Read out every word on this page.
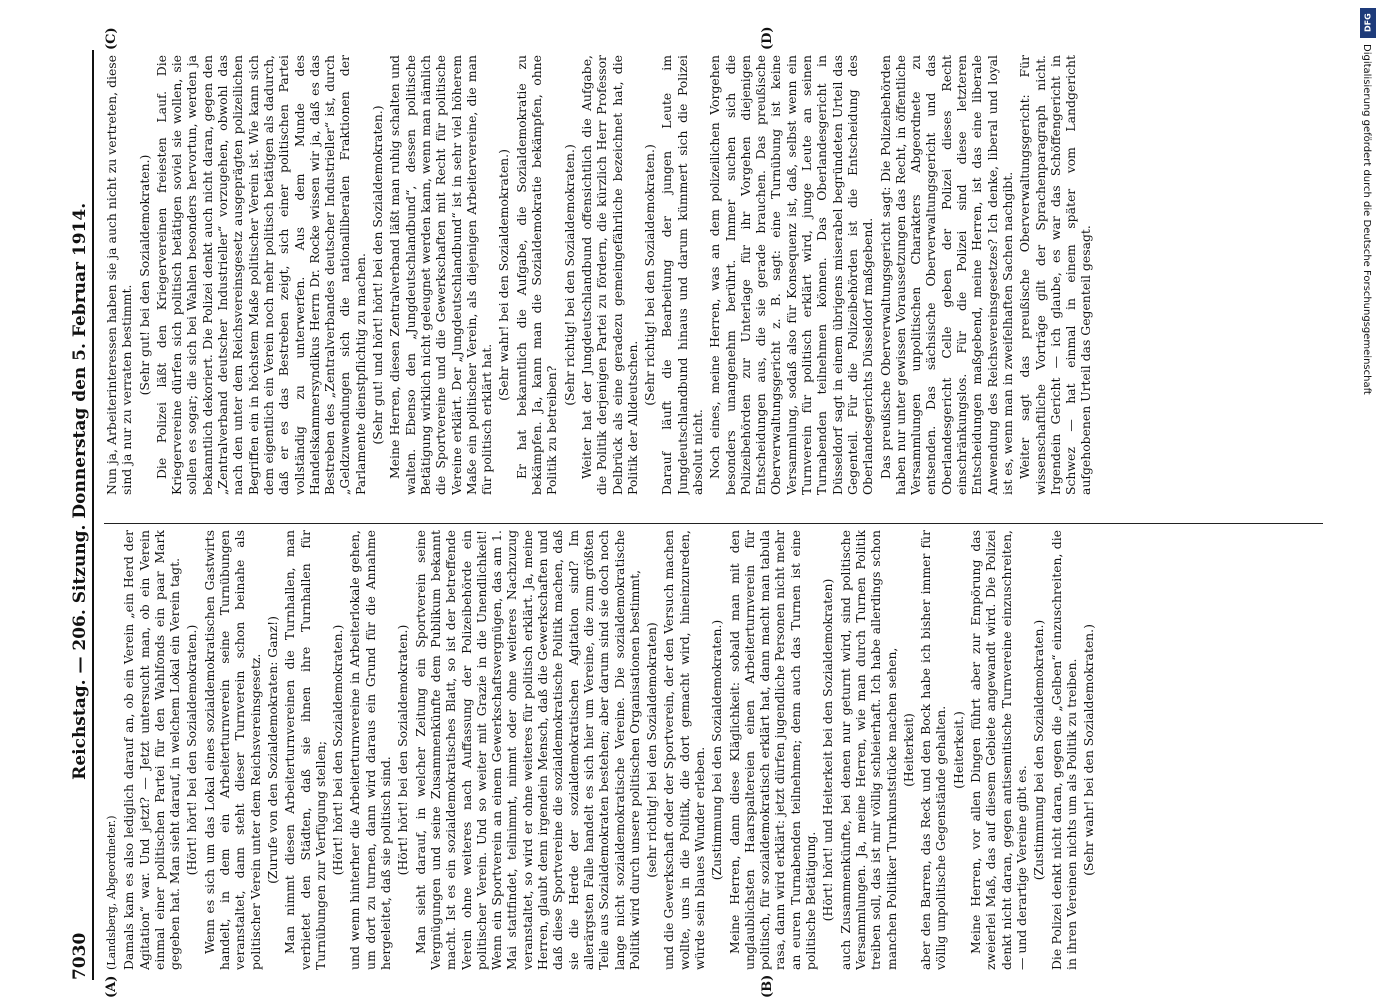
7030
Reichstag. — 206. Sitzung. Donnerstag den 5. Februar 1914.
(A)	(B)
(C)	(D)

(Landsberg, Abgeordneter.) Damals kam es also lediglich darauf an, ob ein Verein „ein Herd der Agitation“ war. Und jetzt? — Jetzt untersucht man, ob ein Verein einmal einer politischen Partei für den Wahlfonds ein paar Mark gegeben hat. Man sieht darauf, in welchem Lokal ein Verein tagt. (Hört! hört! bei den Sozialdemokraten.) Wenn es sich um das Lokal eines sozialdemokratischen Gastwirts handelt, in dem ein Arbeiterturnverein seine Turnübungen veranstaltet, dann steht dieser Turnverein schon beinahe als politischer Verein unter dem Reichsvereinsgesetz. (Zurufe von den Sozialdemokraten: Ganz!) Man nimmt diesen Arbeiterturnvereinen die Turnhallen, man verbietet den Städten, daß sie ihnen ihre Turnhallen für Turnübungen zur Verfügung stellen; (Hört! hört! bei den Sozialdemokraten.) und wenn hinterher die Arbeiterturnvereine in Arbeiterlokale gehen, um dort zu turnen, dann wird daraus ein Grund für die Annahme hergeleitet, daß sie politisch sind. (Hört! hört! bei den Sozialdemokraten.) Man sieht darauf, in welcher Zeitung ein Sportverein seine Vergnügungen und seine Zusammenkünfte dem Publikum bekannt macht. Ist es ein sozialdemokratisches Blatt, so ist der betreffende Verein ohne weiteres nach Auffassung der Polizeibehörde ein politischer Verein. Und so weiter mit Grazie in die Unendlichkeit! Wenn ein Sportverein an einem Gewerkschaftsvergnügen, das am 1. Mai stattfindet, teilnimmt, nimmt oder ohne weiteres Nachzuzug veranstaltet, so wird er ohne weiteres für politisch erklärt. Ja, meine Herren, glaubt denn irgendein Mensch, daß die Gewerkschaften und daß diese Sportvereine die sozialdemokratische Politik machen, daß sie die Herde der sozialdemokratischen Agitation sind? Im allerärgsten Falle handelt es sich hier um Vereine, die zum größten Teile aus Sozialdemokraten bestehen; aber darum sind sie doch noch lange nicht sozialdemokratische Vereine. Die sozialdemokratische Politik wird durch unsere politischen Organisationen bestimmt, (sehr richtig! bei den Sozialdemokraten) und die Gewerkschaft oder der Sportverein, der den Versuch machen wollte, uns in die Politik, die dort gemacht wird, hineinzureden, würde sein blaues Wunder erleben. (Zustimmung bei den Sozialdemokraten.) Meine Herren, dann diese Kläglichkeit: sobald man mit den unglaublichsten Haarspaltereien einen Arbeiterturnverein für politisch, für sozialdemokratisch erklärt hat, dann macht man tabula rasa, dann wird erklärt: jetzt dürfen jugendliche Personen nicht mehr an euren Turnabenden teilnehmen; denn auch das Turnen ist eine politische Betätigung. (Hört! hört! und Heiterkeit bei den Sozialdemokraten) auch Zusammenkünfte, bei denen nur geturnt wird, sind politische Versammlungen. Ja, meine Herren, wie man durch Turnen Politik treiben soll, das ist mir völlig schleierhaft. Ich habe allerdings schon manchen Politiker Turnkunststücke machen sehen, (Heiterkeit) aber den Barren, das Reck und den Bock habe ich bisher immer für völlig unpolitische Gegenstände gehalten. (Heiterkeit.) Meine Herren, vor allen Dingen führt aber zur Empörung das zweierlei Maß, das auf diesem Gebiete angewandt wird. Die Polizei denkt nicht daran, gegen antisemitische Turnvereine einzuschreiten, — und derartige Vereine gibt es. (Zustimmung bei den Sozialdemokraten.) Die Polizei denkt nicht daran, gegen die „Gelben“ einzuschreiten, die in ihren Vereinen nichts um als Politik zu treiben. (Sehr wahr! bei den Sozialdemokraten.)

Nun ja, Arbeiterinteressen haben sie ja auch nicht zu vertreten, diese sind ja nur zu verraten bestimmt. (Sehr gut! bei den Sozialdemokraten.) Die Polizei läßt den Kriegervereinen freiesten Lauf. Die Kriegervereine dürfen sich politisch betätigen soviel sie wollen, sie sollen es sogar; die sich bei Wahlen besonders hervortun, werden ja bekanntlich dekoriert. Die Polizei denkt auch nicht daran, gegen den „Zentralverband deutscher Industrieller“ vorzugehen, obwohl das nach den unter dem Reichsvereinsgesetz ausgeprägten polizeilichen Begriffen ein in höchstem Maße politischer Verein ist. Wie kann sich dem eigentlich ein Verein noch mehr politisch betätigen als dadurch, daß er es das Bestreben zeigt, sich einer politischen Partei vollständig zu unterwerfen. Aus dem Munde des Handelskammersyndikus Herrn Dr. Rocke wissen wir ja, daß es das Bestreben des „Zentralverbandes deutscher Industrieller“ ist, durch „Geldzuwendungen sich die nationalliberalen Fraktionen der Parlamente dienstpflichtig zu machen. (Sehr gut! und hört! hört! bei den Sozialdemokraten.) Meine Herren, diesen Zentralverband läßt man ruhig schalten und walten. Ebenso den „Jungdeutschlandbund“, dessen politische Betätigung wirklich nicht geleugnet werden kann, wenn man nämlich die Sportvereine und die Gewerkschaften mit Recht für politische Vereine erklärt. Der „Jungdeutschlandbund“ ist in sehr viel höherem Maße ein politischer Verein, als diejenigen Arbeitervereine, die man für politisch erklärt hat.

(Sehr wahr! bei den Sozialdemokraten.) Er hat bekanntlich die Aufgabe, die Sozialdemokratie zu bekämpfen. Ja, kann man die Sozialdemokratie bekämpfen, ohne Politik zu betreiben?

(Sehr richtig! bei den Sozialdemokraten.) Weiter hat der Jungdeutschlandbund offensichtlich die Aufgabe, die Politik derjenigen Partei zu fördern, die kürzlich Herr Professor Delbrück als eine geradezu gemeingefährliche bezeichnet hat, die Politik der Alldeutschen.

(Sehr richtig! bei den Sozialdemokraten.) Darauf läuft die Bearbeitung der jungen Leute im Jungdeutschlandbund hinaus und darum kümmert sich die Polizei absolut nicht. Noch eines, meine Herren, was an dem polizeilichen Vorgehen besonders unangenehm berührt. Immer suchen sich die Polizeibehörden zur Unterlage für ihr Vorgehen diejenigen Entscheidungen aus, die sie gerade brauchen. Das preußische Oberverwaltungsgericht z. B. sagt: eine Turnübung ist keine Versammlung, sodaß also für Konsequenz ist, daß, selbst wenn ein Turnverein für politisch erklärt wird, junge Leute an seinen Turnabenden teilnehmen können. Das Oberlandesgericht in Düsseldorf sagt in einem übrigens miserabel begründeten Urteil das Gegenteil. Für die Polizeibehörden ist die Entscheidung des Oberlandesgerichts Düsseldorf maßgebend. Das preußische Oberverwaltungsgericht sagt: Die Polizeibehörden haben nur unter gewissen Voraussetzungen das Recht, in öffentliche Versammlungen unpolitischen Charakters Abgeordnete zu entsenden. Das sächsische Oberverwaltungsgericht und das Oberlandesgericht Celle geben der Polizei dieses Recht einschränkungslos. Für die Polizei sind diese letzteren Entscheidungen maßgebend, meine Herren, ist das eine liberale Anwendung des Reichsvereinsgesetzes? Ich denke, liberal und loyal ist es, wenn man in zweifelhaften Sachen nachgibt. Weiter sagt das preußische Oberverwaltungsgericht: Für wissenschaftliche Vorträge gilt der Sprachenparagraph nicht. Irgendein Gericht — ich glaube, es war das Schöffengericht in Schwez — hat einmal in einem später vom Landgericht aufgehobenen Urteil das Gegenteil gesagt.

DFG
Digitalisierung gefördert durch die Deutsche Forschungsgemeinschaft
